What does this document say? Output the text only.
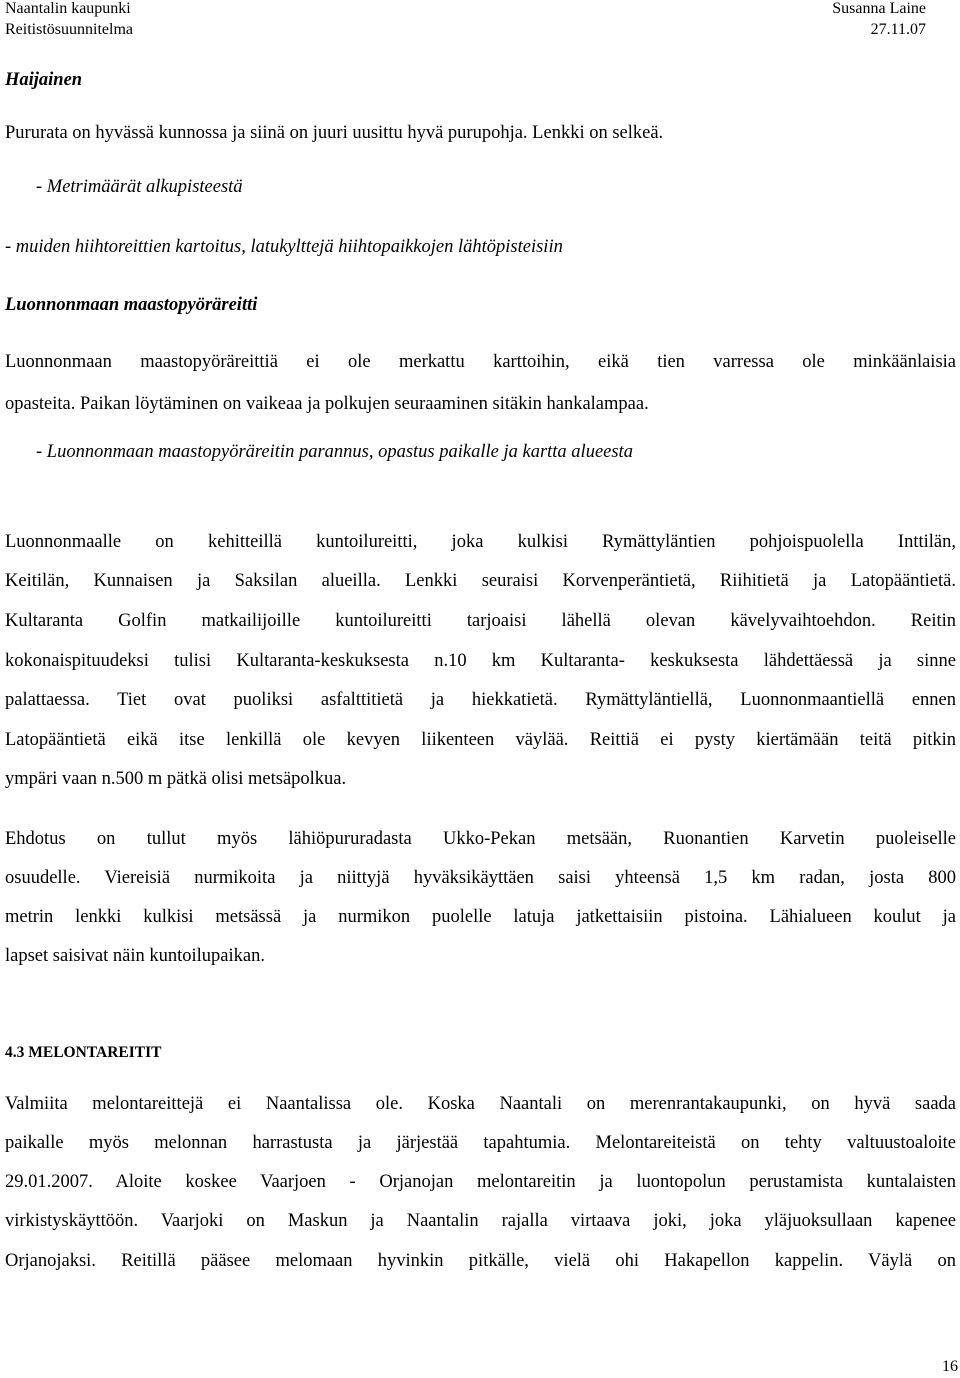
Naantalin kaupunki
Reitistösuunnitelma
Susanna Laine
27.11.07
Haijainen
Pururata on hyvässä kunnossa ja siinä on juuri uusittu hyvä purupohja. Lenkki on selkeä.
- Metrimäärät alkupisteestä
- muiden hiihtoreittien kartoitus, latukylttejä hiihtopaikkojen lähtöpisteisiin
Luonnonmaan maastopyöräreitti
Luonnonmaan maastopyöräreittiä ei ole merkattu karttoihin, eikä tien varressa ole minkäänlaisia
opasteita. Paikan löytäminen on vaikeaa ja polkujen seuraaminen sitäkin hankalampaa.
- Luonnonmaan maastopyöräreitin parannus, opastus paikalle ja kartta alueesta
Luonnonmaalle on kehitteillä kuntoilureitti, joka kulkisi Rymättyläntien pohjoispuolella Inttilän,
Keitilän, Kunnaisen ja Saksilan alueilla. Lenkki seuraisi Korvenperäntietä, Riihitietä ja Latopääntietä.
Kultaranta Golfin matkailijoille kuntoilureitti tarjoaisi lähellä olevan kävelyvaihtoehdon. Reitin
kokonaispituudeksi tulisi Kultaranta-keskuksesta n.10 km Kultaranta- keskuksesta lähdettäessä ja sinne
palattaessa. Tiet ovat puoliksi asfalttitietä ja hiekkatietä. Rymättyläntiellä, Luonnonmaantiellä ennen
Latopääntietä eikä itse lenkillä ole kevyen liikenteen väylää. Reittiä ei pysty kiertämään teitä pitkin
ympäri vaan n.500 m pätkä olisi metsäpolkua.
Ehdotus on tullut myös lähiöpururadasta Ukko-Pekan metsään, Ruonantien Karvetin puoleiselle
osuudelle. Viereisiä nurmikoita ja niittyjä hyväksikäyttäen saisi yhteensä 1,5 km radan, josta 800
metrin lenkki kulkisi metsässä ja nurmikon puolelle latuja jatkettaisiin pistoina. Lähialueen koulut ja
lapset saisivat näin kuntoilupaikan.
4.3 MELONTAREITIT
Valmiita melontareittejä ei Naantalissa ole. Koska Naantali on merenrantakaupunki, on hyvä saada
paikalle myös melonnan harrastusta ja järjestää tapahtumia. Melontareiteistä on tehty valtuustoaloite
29.01.2007. Aloite koskee Vaarjoen - Orjanojan melontareitin ja luontopolun perustamista kuntalaisten
virkistyskäyttöön. Vaarjoki on Maskun ja Naantalin rajalla virtaava joki, joka yläjuoksullaan kapenee
Orjanojaksi. Reitillä pääsee melomaan hyvinkin pitkälle, vielä ohi Hakapellon kappelin. Väylä on
16
